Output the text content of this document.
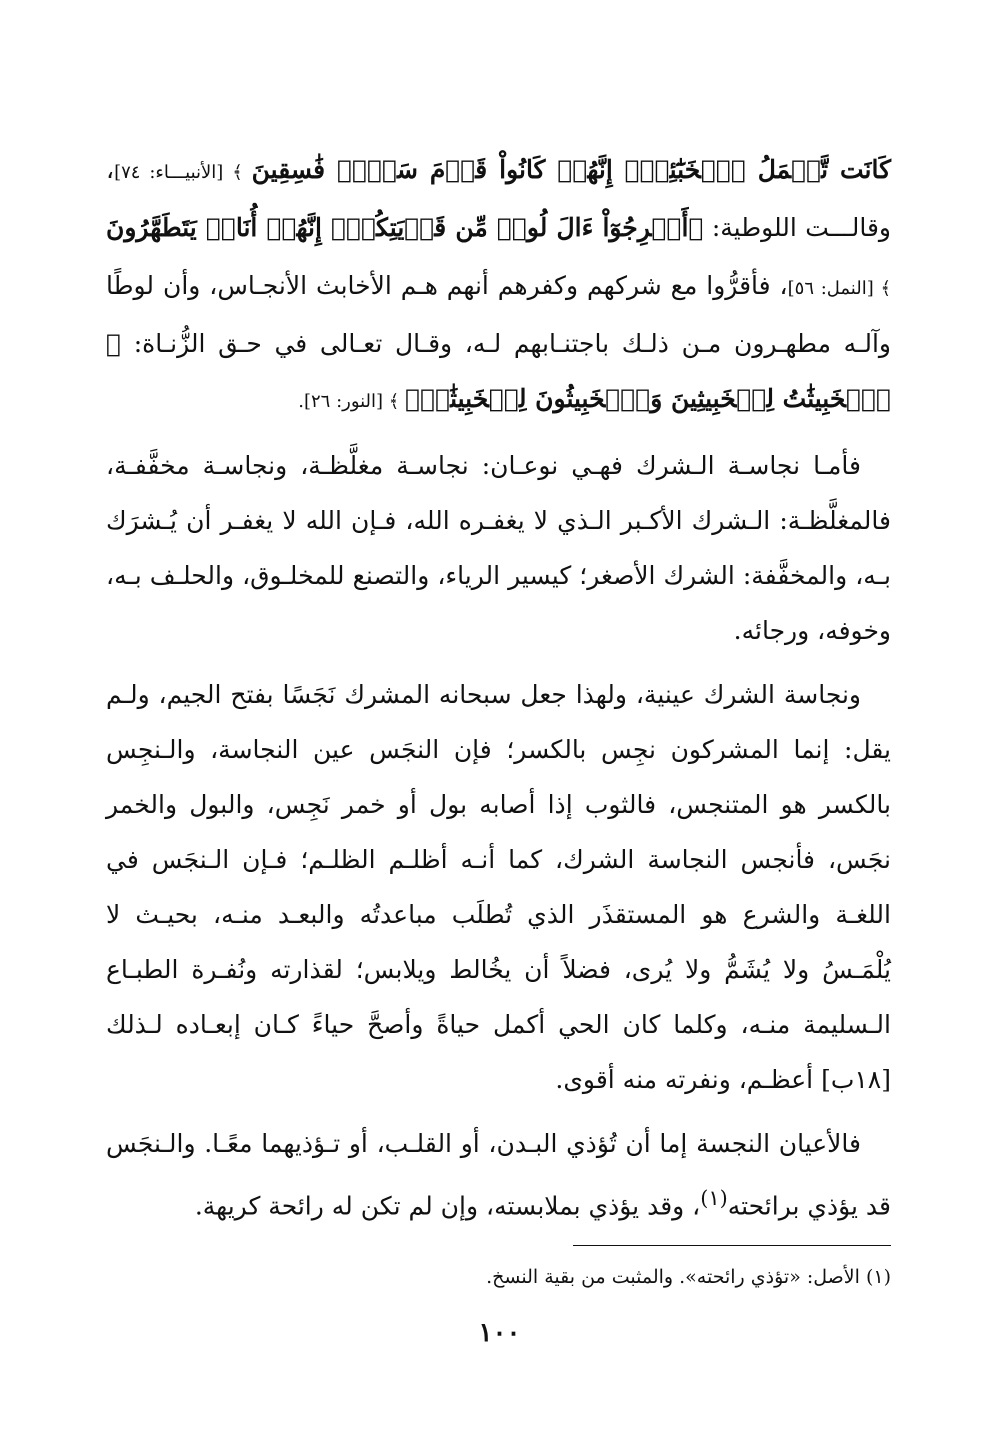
كَانَت تَّعۡمَلُ ٱلۡخَبَٰٓئِثَۚ إِنَّهُمۡ كَانُواْ قَوۡمَ سَوۡءٖ فَٰسِقِينَ ﴾ [الأنبيـــاء: ٧٤]، وقالـــت اللوطية: ﴿أَخۡرِجُوٓاْ ءَالَ لُوطٖ مِّن قَرۡيَتِكُمۡۖ إِنَّهُمۡ أُنَاسٞ يَتَطَهَّرُونَ ﴾ [النمل: ٥٦]، فأقرُّوا مع شركهم وكفرهم أنهم هـم الأخابث الأنجـاس، وأن لوطًا وآلـه مطهـرون مـن ذلـك باجتنـابهم لـه، وقـال تعـالى في حـق الزُّنـاة: ﴿ ٱلۡخَبِيثَٰتُ لِلۡخَبِيثِينَ وَٱلۡخَبِيثُونَ لِلۡخَبِيثَٰتِۖ ﴾ [النور: ٢٦].

فأمـا نجاسـة الـشرك فهـي نوعـان: نجاسـة مغلَّظـة، ونجاسـة مخفَّفـة، فالمغلَّظـة: الـشرك الأكـبر الـذي لا يغفـره الله، فـإن الله لا يغفـر أن يُـشرَك بـه، والمخفَّفة: الشرك الأصغر؛ كيسير الرياء، والتصنع للمخلـوق، والحلـف بـه، وخوفه، ورجائه.

ونجاسة الشرك عينية، ولهذا جعل سبحانه المشرك نَجَسًا بفتح الجيم، ولـم يقل: إنما المشركون نجِس بالكسر؛ فإن النجَس عين النجاسة، والـنجِس بالكسر هو المتنجس، فالثوب إذا أصابه بول أو خمر نَجِس، والبول والخمر نجَس، فأنجس النجاسة الشرك، كما أنـه أظلـم الظلـم؛ فـإن الـنجَس في اللغـة والشرع هو المستقذَر الذي تُطلَب مباعدتُه والبعـد منـه، بحيـث لا يُلْمَـسُ ولا يُشَمُّ ولا يُرى، فضلاً أن يخُالط ويلابس؛ لقذارته ونُفـرة الطبـاع الـسليمة منـه، وكلما كان الحي أكمل حياةً وأصحَّ حياءً كـان إبعـاده لـذلك [١٨ب] أعظـم، ونفرته منه أقوى.

فالأعيان النجسة إما أن تُؤذي البـدن، أو القلـب، أو تـؤذيهما معًـا. والـنجَس قد يؤذي برائحته$^{(١)}$، وقد يؤذي بملابسته، وإن لم تكن له رائحة كريهة.

(١) الأصل: «تؤذي رائحته». والمثبت من بقية النسخ.

١٠٠
